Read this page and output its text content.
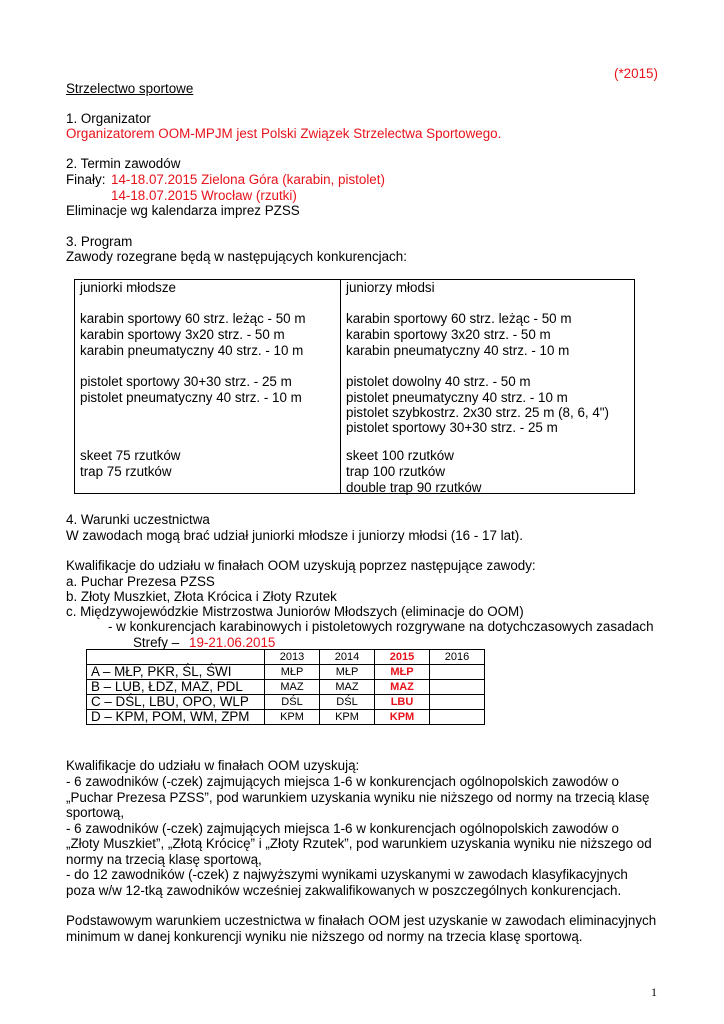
(*2015)
Strzelectwo sportowe
1. Organizator
Organizatorem OOM-MPJM jest Polski Związek Strzelectwa Sportowego.
2. Termin zawodów
Finały: 14-18.07.2015 Zielona Góra (karabin, pistolet)
14-18.07.2015 Wrocław (rzutki)
Eliminacje wg kalendarza imprez PZSS
3. Program
Zawody rozegrane będą w następujących konkurencjach:
juniorki młodsze
karabin sportowy 60 strz. leżąc - 50 m
karabin sportowy 3x20 strz. - 50 m
karabin pneumatyczny 40 strz. - 10 m
pistolet sportowy 30+30 strz. - 25 m
pistolet pneumatyczny 40 strz. - 10 m
skeet 75 rzutków
trap 75 rzutków
juniorzy młodsi
karabin sportowy 60 strz. leżąc - 50 m
karabin sportowy 3x20 strz. - 50 m
karabin pneumatyczny 40 strz. - 10 m
pistolet dowolny 40 strz. - 50 m
pistolet pneumatyczny 40 strz. - 10 m
pistolet szybkostrz. 2x30 strz. 25 m (8, 6, 4")
pistolet sportowy 30+30 strz. - 25 m
skeet 100 rzutków
trap 100 rzutków
double trap 90 rzutków
4. Warunki uczestnictwa
W zawodach mogą brać udział juniorki młodsze i juniorzy młodsi (16 - 17 lat).
Kwalifikacje do udziału w finałach OOM uzyskują poprzez następujące zawody:
a. Puchar Prezesa PZSS
b. Złoty Muszkiet, Złota Krócica i Złoty Rzutek
c. Międzywojewódzkie Mistrzostwa Juniorów Młodszych (eliminacje do OOM)
- w konkurencjach karabinowych i pistoletowych rozgrywane na dotychczasowych zasadach
Strefy – 19-21.06.2015
	2013	2014	2015	2016
A – MŁP, PKR, ŚL, ŚWI	MŁP	MŁP	MŁP	
B – LUB, ŁDZ, MAZ, PDL	MAZ	MAZ	MAZ	
C – DŚL, LBU, OPO, WLP	DŚL	DŚL	LBU	
D – KPM, POM, WM, ZPM	KPM	KPM	KPM	
Kwalifikacje do udziału w finałach OOM uzyskują:
- 6 zawodników (-czek) zajmujących miejsca 1-6 w konkurencjach ogólnopolskich zawodów o
„Puchar Prezesa PZSS”, pod warunkiem uzyskania wyniku nie niższego od normy na trzecią klasę
sportową,
- 6 zawodników (-czek) zajmujących miejsca 1-6 w konkurencjach ogólnopolskich zawodów o
„Złoty Muszkiet”, „Złotą Krócicę” i „Złoty Rzutek”, pod warunkiem uzyskania wyniku nie niższego od
normy na trzecią klasę sportową,
- do 12 zawodników (-czek) z najwyższymi wynikami uzyskanymi w zawodach klasyfikacyjnych
poza w/w 12-tką zawodników wcześniej zakwalifikowanych w poszczególnych konkurencjach.
Podstawowym warunkiem uczestnictwa w finałach OOM jest uzyskanie w zawodach eliminacyjnych
minimum w danej konkurencji wyniku nie niższego od normy na trzecia klasę sportową.
1
